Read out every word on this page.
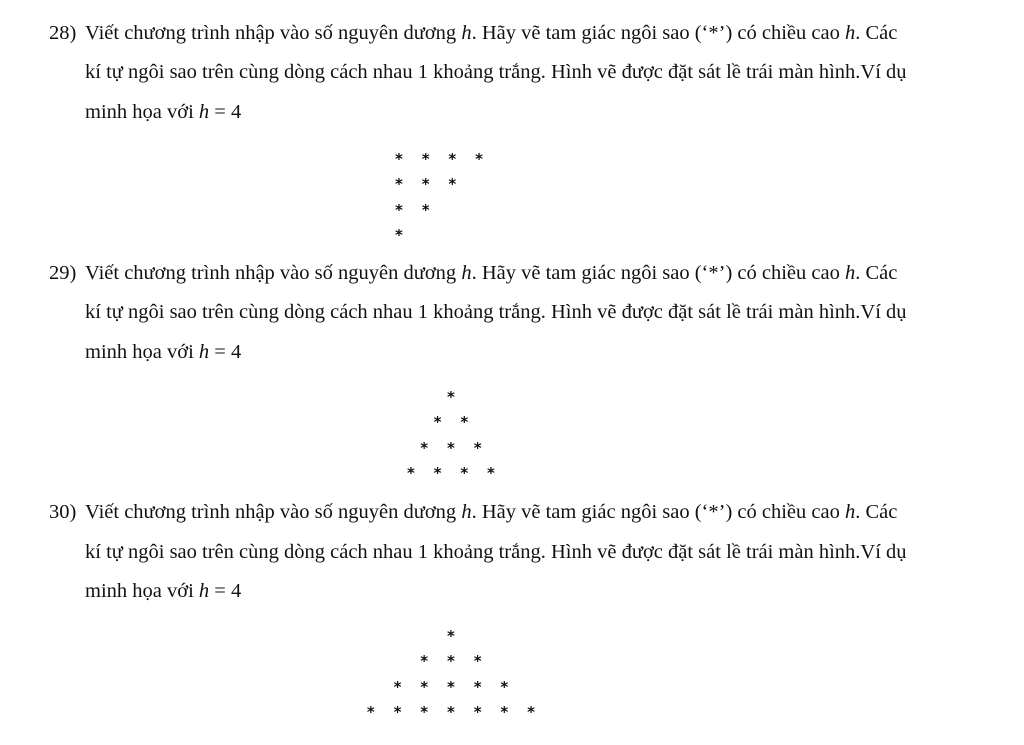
28) Viết chương trình nhập vào số nguyên dương h. Hãy vẽ tam giác ngôi sao (‘*’) có chiều cao h. Các
kí tự ngôi sao trên cùng dòng cách nhau 1 khoảng trắng. Hình vẽ được đặt sát lề trái màn hình.Ví dụ
minh họa với h = 4
* * * *
* * *
* *
*
29) Viết chương trình nhập vào số nguyên dương h. Hãy vẽ tam giác ngôi sao (‘*’) có chiều cao h. Các
kí tự ngôi sao trên cùng dòng cách nhau 1 khoảng trắng. Hình vẽ được đặt sát lề trái màn hình.Ví dụ
minh họa với h = 4
*
* *
* * *
* * * *
30) Viết chương trình nhập vào số nguyên dương h. Hãy vẽ tam giác ngôi sao (‘*’) có chiều cao h. Các
kí tự ngôi sao trên cùng dòng cách nhau 1 khoảng trắng. Hình vẽ được đặt sát lề trái màn hình.Ví dụ
minh họa với h = 4
*
* * *
* * * * *
* * * * * * *
